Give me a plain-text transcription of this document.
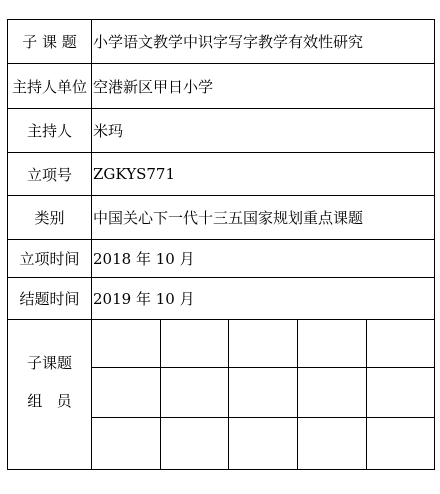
子 课 题	小学语文教学中识字写字教学有效性研究
主持人单位 空港新区甲日小学
主持人	米玛
立项号	ZGKYS771
类别	中国关心下一代十三五国家规划重点课题
立项时间 2018 年 10 月
结题时间 2019 年 10 月
子课题
组   员
